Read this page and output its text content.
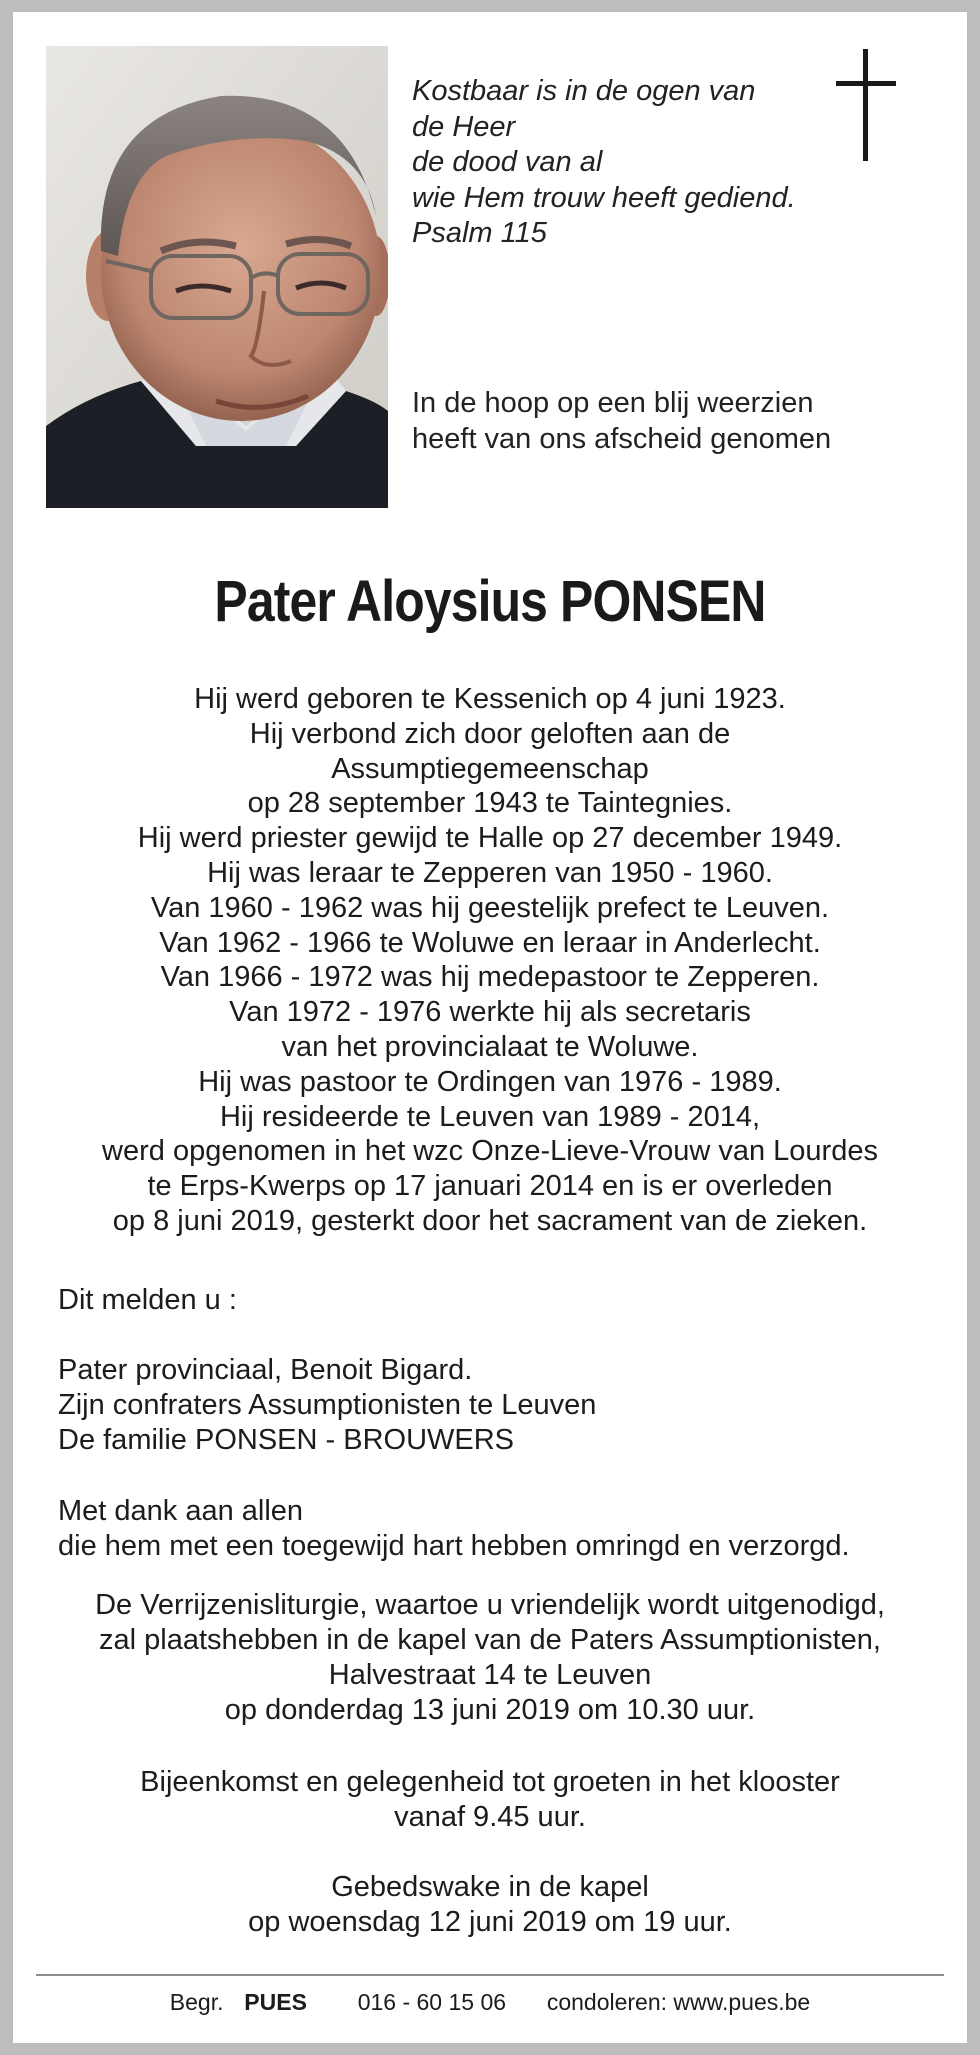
Kostbaar is in de ogen van
de Heer
de dood van al
wie Hem trouw heeft gediend.
Psalm 115
In de hoop op een blij weerzien
heeft van ons afscheid genomen
Pater Aloysius PONSEN
Hij werd geboren te Kessenich op 4 juni 1923.
Hij verbond zich door geloften aan de
Assumptiegemeenschap
op 28 september 1943 te Taintegnies.
Hij werd priester gewijd te Halle op 27 december 1949.
Hij was leraar te Zepperen van 1950 - 1960.
Van 1960 - 1962 was hij geestelijk prefect te Leuven.
Van 1962 - 1966 te Woluwe en leraar in Anderlecht.
Van 1966 - 1972 was hij medepastoor te Zepperen.
Van 1972 - 1976 werkte hij als secretaris
van het provincialaat te Woluwe.
Hij was pastoor te Ordingen van 1976 - 1989.
Hij resideerde te Leuven van 1989 - 2014,
werd opgenomen in het wzc Onze-Lieve-Vrouw van Lourdes
te Erps-Kwerps op 17 januari 2014 en is er overleden
op 8 juni 2019, gesterkt door het sacrament van de zieken.
Dit melden u :
Pater provinciaal, Benoit Bigard.
Zijn confraters Assumptionisten te Leuven
De familie PONSEN - BROUWERS
Met dank aan allen
die hem met een toegewijd hart hebben omringd en verzorgd.
De Verrijzenisliturgie, waartoe u vriendelijk wordt uitgenodigd,
zal plaatshebben in de kapel van de Paters Assumptionisten,
Halvestraat 14 te Leuven
op donderdag 13 juni 2019 om 10.30 uur.
Bijeenkomst en gelegenheid tot groeten in het klooster
vanaf 9.45 uur.
Gebedswake in de kapel
op woensdag 12 juni 2019 om 19 uur.
Begr. PUES 016 - 60 15 06 condoleren: www.pues.be
